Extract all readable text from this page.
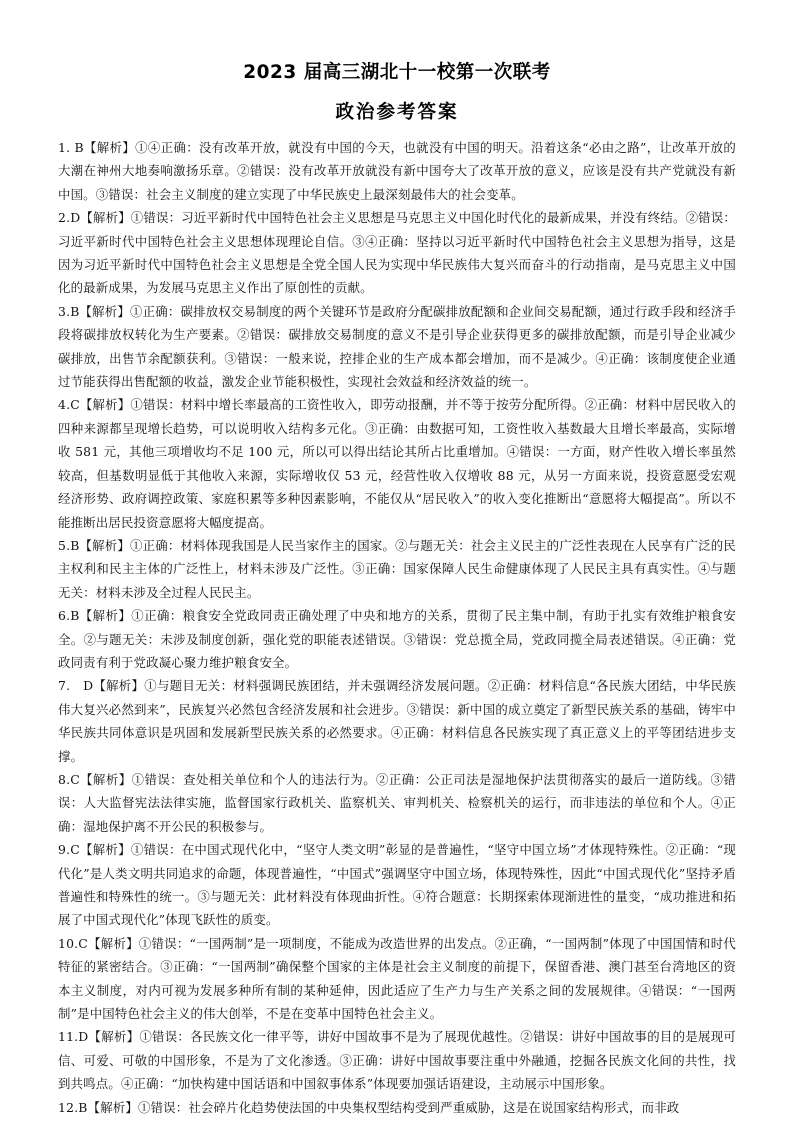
2023 届高三湖北十一校第一次联考
政治参考答案

1. B【解析】①④正确：没有改革开放，就没有中国的今天，也就没有中国的明天。沿着这条“必由之路”，让改革开放的大潮在神州大地奏响激扬乐章。②错误：没有改革开放就没有新中国夸大了改革开放的意义，应该是没有共产党就没有新中国。③错误：社会主义制度的建立实现了中华民族史上最深刻最伟大的社会变革。

2.D【解析】①错误：习近平新时代中国特色社会主义思想是马克思主义中国化时代化的最新成果，并没有终结。②错误：习近平新时代中国特色社会主义思想体现理论自信。③④正确：坚持以习近平新时代中国特色社会主义思想为指导，这是因为习近平新时代中国特色社会主义思想是全党全国人民为实现中华民族伟大复兴而奋斗的行动指南，是马克思主义中国化的最新成果，为发展马克思主义作出了原创性的贡献。

3.B【解析】①正确：碳排放权交易制度的两个关键环节是政府分配碳排放配额和企业间交易配额，通过行政手段和经济手段将碳排放权转化为生产要素。②错误：碳排放交易制度的意义不是引导企业获得更多的碳排放配额，而是引导企业减少碳排放，出售节余配额获利。③错误：一般来说，控排企业的生产成本都会增加，而不是减少。④正确：该制度使企业通过节能获得出售配额的收益，激发企业节能积极性，实现社会效益和经济效益的统一。

4.C【解析】①错误：材料中增长率最高的工资性收入，即劳动报酬，并不等于按劳分配所得。②正确：材料中居民收入的四种来源都呈现增长趋势，可以说明收入结构多元化。③正确：由数据可知，工资性收入基数最大且增长率最高，实际增收 581 元，其他三项增收均不足 100 元，所以可以得出结论其所占比重增加。④错误：一方面，财产性收入增长率虽然较高，但基数明显低于其他收入来源，实际增收仅 53 元，经营性收入仅增收 88 元，从另一方面来说，投资意愿受宏观经济形势、政府调控政策、家庭积累等多种因素影响，不能仅从“居民收入”的收入变化推断出“意愿将大幅提高”。所以不能推断出居民投资意愿将大幅度提高。

5.B【解析】①正确：材料体现我国是人民当家作主的国家。②与题无关：社会主义民主的广泛性表现在人民享有广泛的民主权利和民主主体的广泛性上，材料未涉及广泛性。③正确：国家保障人民生命健康体现了人民民主具有真实性。④与题无关：材料未涉及全过程人民民主。

6.B【解析】①正确：粮食安全党政同责正确处理了中央和地方的关系，贯彻了民主集中制，有助于扎实有效维护粮食安全。②与题无关：未涉及制度创新，强化党的职能表述错误。③错误：党总揽全局，党政同揽全局表述错误。④正确：党政同责有利于党政凝心聚力维护粮食安全。

7.　D【解析】①与题目无关：材料强调民族团结，并未强调经济发展问题。②正确：材料信息“各民族大团结，中华民族伟大复兴必然到来”，民族复兴必然包含经济发展和社会进步。③错误：新中国的成立奠定了新型民族关系的基础，铸牢中华民族共同体意识是巩固和发展新型民族关系的必然要求。④正确：材料信息各民族实现了真正意义上的平等团结进步支撑。

8.C【解析】①错误：查处相关单位和个人的违法行为。②正确：公正司法是湿地保护法贯彻落实的最后一道防线。③错误：人大监督宪法法律实施，监督国家行政机关、监察机关、审判机关、检察机关的运行，而非违法的单位和个人。④正确：湿地保护离不开公民的积极参与。

9.C【解析】①错误：在中国式现代化中，“坚守人类文明”彰显的是普遍性，“坚守中国立场”才体现特殊性。②正确：“现代化”是人类文明共同追求的命题，体现普遍性，“中国式”强调坚守中国立场，体现特殊性，因此“中国式现代化”坚持矛盾普遍性和特殊性的统一。③与题无关：此材料没有体现曲折性。④符合题意：长期探索体现渐进性的量变，“成功推进和拓展了中国式现代化”体现飞跃性的质变。

10.C【解析】①错误：“一国两制”是一项制度，不能成为改造世界的出发点。②正确，“一国两制”体现了中国国情和时代特征的紧密结合。③正确：“一国两制”确保整个国家的主体是社会主义制度的前提下，保留香港、澳门甚至台湾地区的资本主义制度，对内可视为发展多种所有制的某种延伸，因此适应了生产力与生产关系之间的发展规律。④错误：“一国两制”是中国特色社会主义的伟大创举，不是在变革中国特色社会主义。

11.D【解析】①错误：各民族文化一律平等，讲好中国故事不是为了展现优越性。②错误：讲好中国故事的目的是展现可信、可爱、可敬的中国形象，不是为了文化渗透。③正确：讲好中国故事要注重中外融通，挖掘各民族文化间的共性，找到共鸣点。④正确：“加快构建中国话语和中国叙事体系”体现要加强话语建设，主动展示中国形象。

12.B【解析】①错误：社会碎片化趋势使法国的中央集权型结构受到严重威胁，这是在说国家结构形式，而非政
